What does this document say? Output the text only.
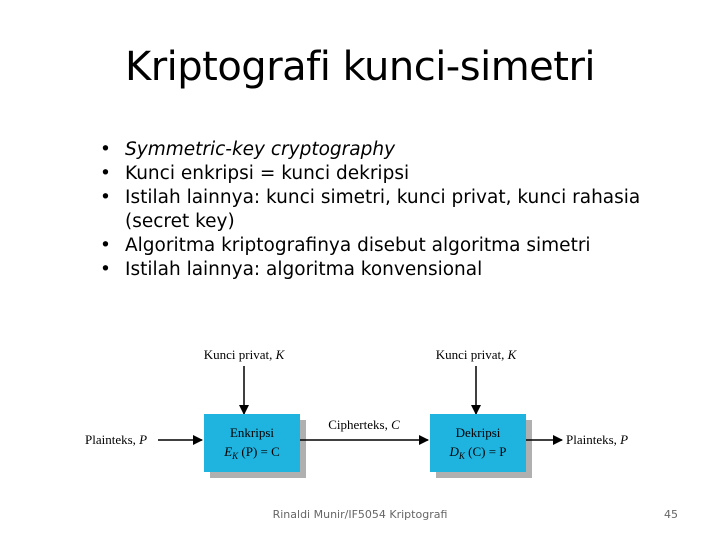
Kriptografi kunci-simetri
• Symmetric-key cryptography
• Kunci enkripsi = kunci dekripsi
• Istilah lainnya: kunci simetri, kunci privat, kunci rahasia (secret key)
• Algoritma kriptografinya disebut algoritma simetri
• Istilah lainnya: algoritma konvensional
Kunci privat, K	Kunci privat, K
Enkripsi
$E_K$ (P) = C
Dekripsi
$D_K$ (C) = P
Plainteks, P
Cipherteks, C
Plainteks, P
Rinaldi Munir/IF5054 Kriptografi	45
